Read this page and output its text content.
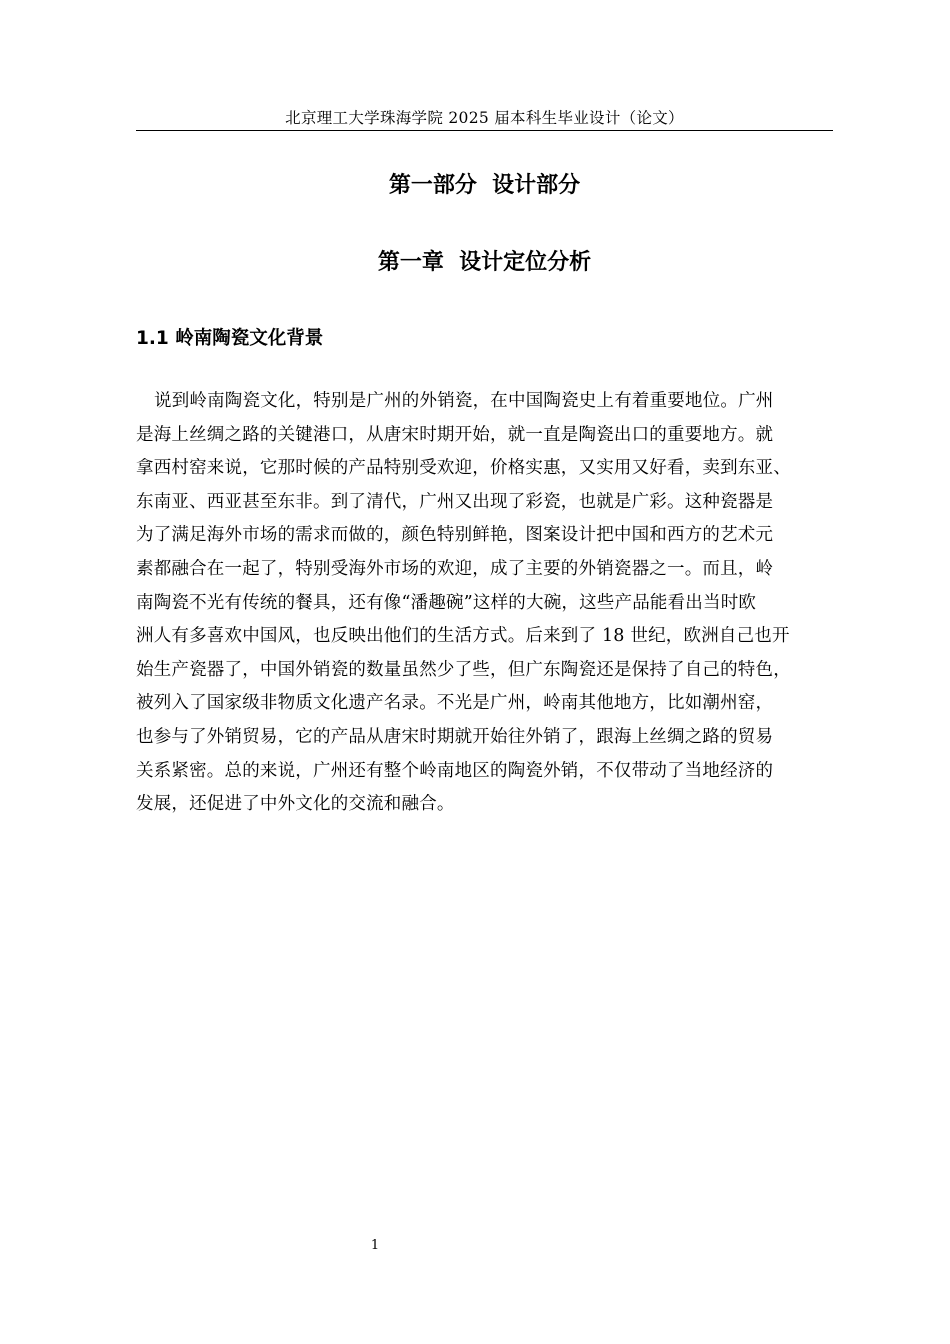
北京理工大学珠海学院 2025 届本科生毕业设计（论文）
第一部分  设计部分
第一章  设计定位分析
1.1 岭南陶瓷文化背景

说到岭南陶瓷文化，特别是广州的外销瓷，在中国陶瓷史上有着重要地位。广州
是海上丝绸之路的关键港口，从唐宋时期开始，就一直是陶瓷出口的重要地方。就
拿西村窑来说，它那时候的产品特别受欢迎，价格实惠，又实用又好看，卖到东亚、
东南亚、西亚甚至东非。到了清代，广州又出现了彩瓷，也就是广彩。这种瓷器是
为了满足海外市场的需求而做的，颜色特别鲜艳，图案设计把中国和西方的艺术元
素都融合在一起了，特别受海外市场的欢迎，成了主要的外销瓷器之一。而且，岭
南陶瓷不光有传统的餐具，还有像“潘趣碗”这样的大碗，这些产品能看出当时欧
洲人有多喜欢中国风，也反映出他们的生活方式。后来到了 18 世纪，欧洲自己也开
始生产瓷器了，中国外销瓷的数量虽然少了些，但广东陶瓷还是保持了自己的特色，
被列入了国家级非物质文化遗产名录。不光是广州，岭南其他地方，比如潮州窑，
也参与了外销贸易，它的产品从唐宋时期就开始往外销了，跟海上丝绸之路的贸易
关系紧密。总的来说，广州还有整个岭南地区的陶瓷外销，不仅带动了当地经济的
发展，还促进了中外文化的交流和融合。

1
